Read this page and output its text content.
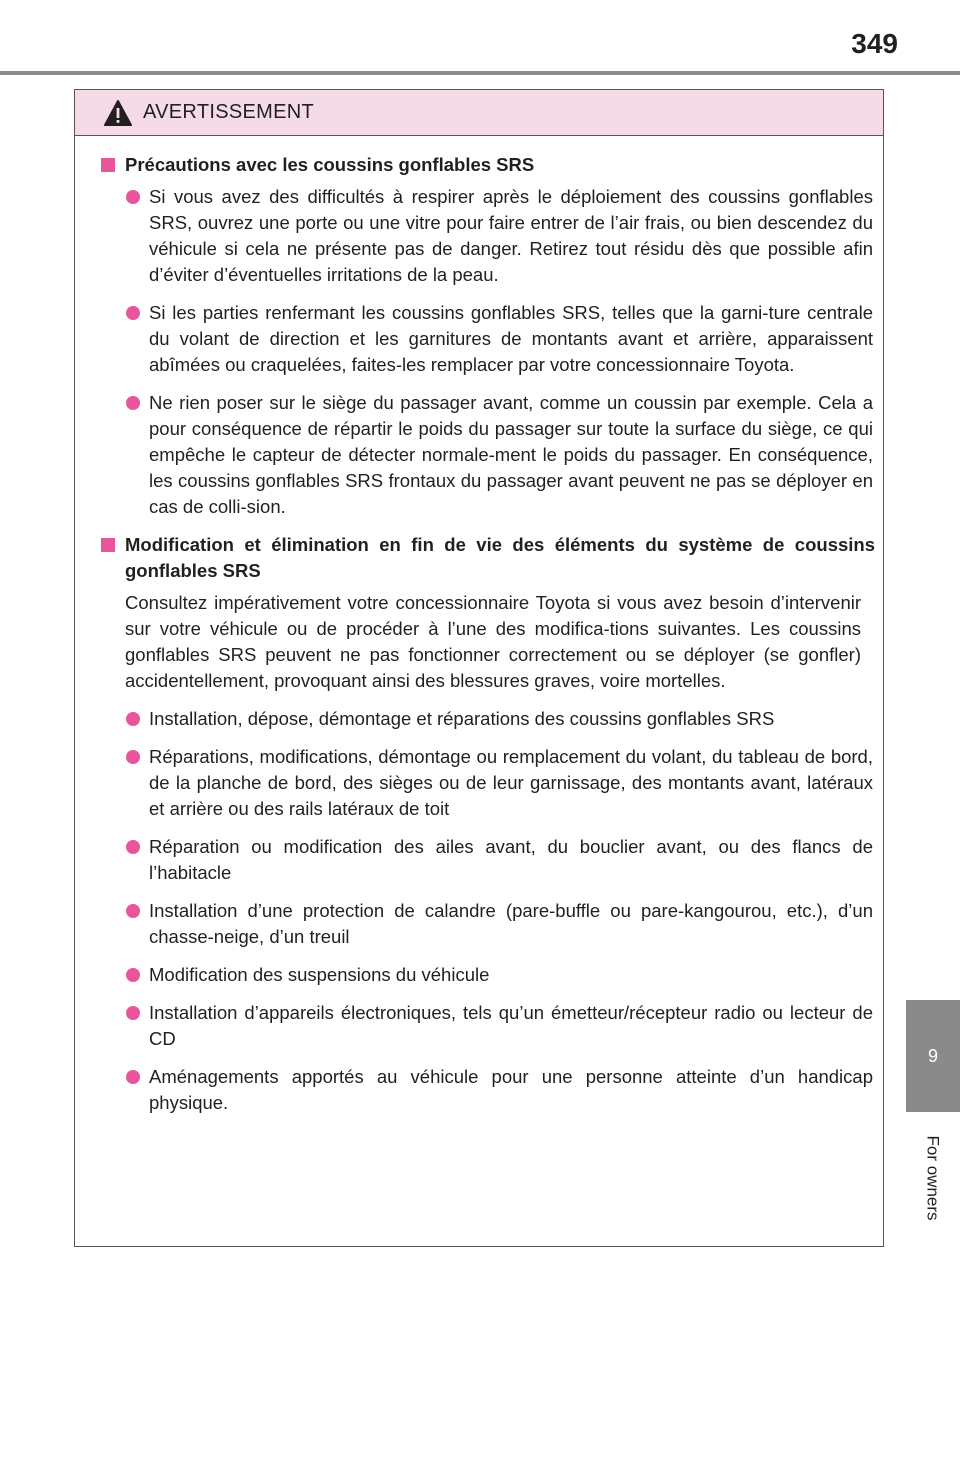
349
9
For owners
AVERTISSEMENT
Précautions avec les coussins gonflables SRS
Si vous avez des difficultés à respirer après le déploiement des coussins gonflables SRS, ouvrez une porte ou une vitre pour faire entrer de l’air frais, ou bien descendez du véhicule si cela ne présente pas de danger. Retirez tout résidu dès que possible afin d’éviter d’éventuelles irritations de la peau.
Si les parties renfermant les coussins gonflables SRS, telles que la garni-ture centrale du volant de direction et les garnitures de montants avant et arrière, apparaissent abîmées ou craquelées, faites-les remplacer par votre concessionnaire Toyota.
Ne rien poser sur le siège du passager avant, comme un coussin par exemple. Cela a pour conséquence de répartir le poids du passager sur toute la surface du siège, ce qui empêche le capteur de détecter normale-ment le poids du passager. En conséquence, les coussins gonflables SRS frontaux du passager avant peuvent ne pas se déployer en cas de colli-sion.
Modification et élimination en fin de vie des éléments du système de coussins gonflables SRS
Consultez impérativement votre concessionnaire Toyota si vous avez besoin d’intervenir sur votre véhicule ou de procéder à l’une des modifica-tions suivantes. Les coussins gonflables SRS peuvent ne pas fonctionner correctement ou se déployer (se gonfler) accidentellement, provoquant ainsi des blessures graves, voire mortelles.
Installation, dépose, démontage et réparations des coussins gonflables SRS
Réparations, modifications, démontage ou remplacement du volant, du tableau de bord, de la planche de bord, des sièges ou de leur garnissage, des montants avant, latéraux et arrière ou des rails latéraux de toit
Réparation ou modification des ailes avant, du bouclier avant, ou des flancs de l’habitacle
Installation d’une protection de calandre (pare-buffle ou pare-kangourou, etc.), d’un chasse-neige, d’un treuil
Modification des suspensions du véhicule
Installation d’appareils électroniques, tels qu’un émetteur/récepteur radio ou lecteur de CD
Aménagements apportés au véhicule pour une personne atteinte d’un handicap physique.
